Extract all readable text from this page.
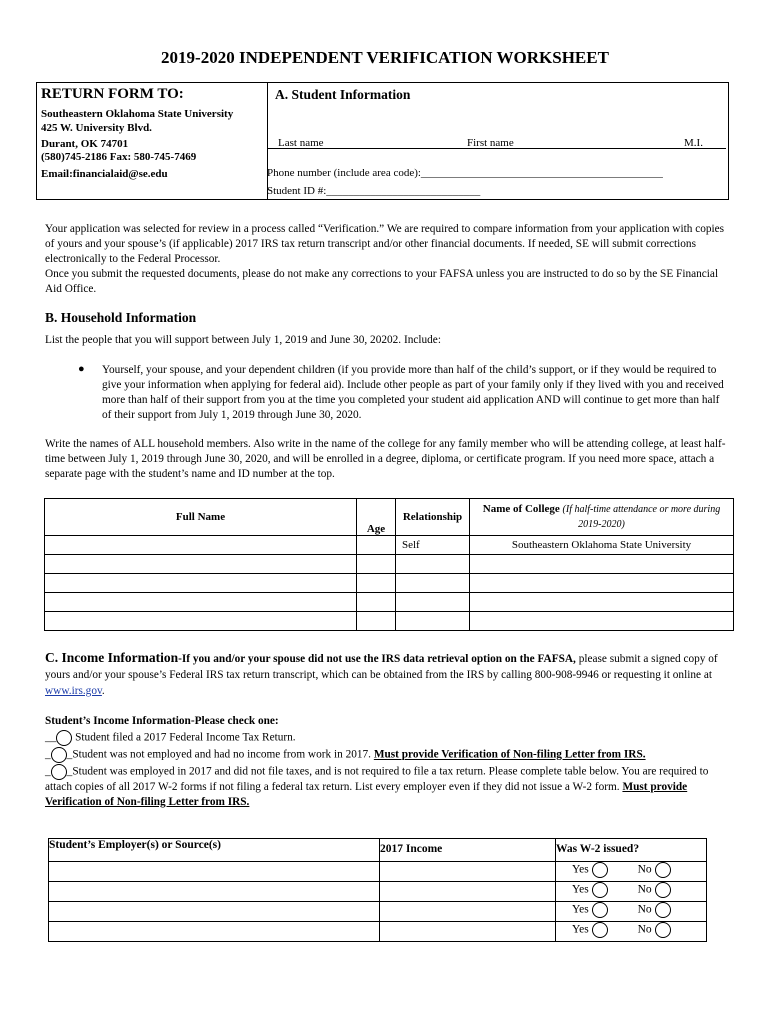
2019-2020 INDEPENDENT VERIFICATION WORKSHEET
RETURN FORM TO:
Southeastern Oklahoma State University
425 W. University Blvd.
Durant, OK 74701
(580)745-2186 Fax: 580-745-7469
Email:financialaid@se.edu
A. Student Information
Last name	First name	M.I.
Phone number (include area code):____________________________________________
Student ID #:____________________________
Your application was selected for review in a process called “Verification.” We are required to compare information from your application with copies of yours and your spouse’s (if applicable) 2017 IRS tax return transcript and/or other financial documents. If needed, SE will submit corrections electronically to the Federal Processor.
Once you submit the requested documents, please do not make any corrections to your FAFSA unless you are instructed to do so by the SE Financial Aid Office.
B. Household Information
List the people that you will support between July 1, 2019 and June 30, 20202. Include:
● Yourself, your spouse, and your dependent children (if you provide more than half of the child’s support, or if they would be required to give your information when applying for federal aid). Include other people as part of your family only if they lived with you and received more than half of their support from you at the time you completed your student aid application AND will continue to get more than half of their support from July 1, 2019 through June 30, 2020.
Write the names of ALL household members. Also write in the name of the college for any family member who will be attending college, at least half-time between July 1, 2019 through June 30, 2020, and will be enrolled in a degree, diploma, or certificate program. If you need more space, attach a separate page with the student’s name and ID number at the top.
Full Name	Age	Relationship	Name of College (If half-time attendance or more during 2019-2020)
		Self	Southeastern Oklahoma State University

C. Income Information-If you and/or your spouse did not use the IRS data retrieval option on the FAFSA, please submit a signed copy of yours and/or your spouse’s Federal IRS tax return transcript, which can be obtained from the IRS by calling 800-908-9946 or requesting it online at www.irs.gov.
Student’s Income Information-Please check one:
__ Student filed a 2017 Federal Income Tax Return.
_ _Student was not employed and had no income from work in 2017. Must provide Verification of Non-filing Letter from IRS.
_ _Student was employed in 2017 and did not file taxes, and is not required to file a tax return. Please complete table below. You are required to attach copies of all 2017 W-2 forms if not filing a federal tax return. List every employer even if they did not issue a W-2 form. Must provide Verification of Non-filing Letter from IRS.
Student’s Employer(s) or Source(s)	2017 Income	Was W-2 issued?
		Yes No
		Yes No
		Yes No
		Yes No
